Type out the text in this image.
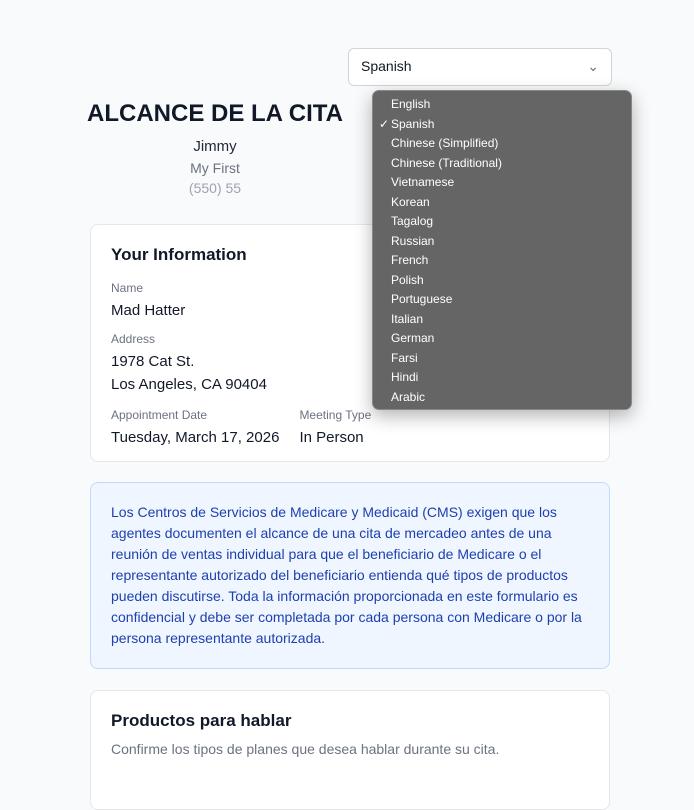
Spanish	⌄
ALCANCE DE LA CITA
Jimmy
My First
(550) 55
Your Information
Name
Mad Hatter
Address
1978 Cat St.
Los Angeles, CA 90404
Appointment Date
Tuesday, March 17, 2026
Meeting Type
In Person
Los Centros de Servicios de Medicare y Medicaid (CMS) exigen que los agentes documenten el alcance de una cita de mercadeo antes de una reunión de ventas individual para que el beneficiario de Medicare o el representante autorizado del beneficiario entienda qué tipos de productos pueden discutirse. Toda la información proporcionada en este formulario es confidencial y debe ser completada por cada persona con Medicare o por la persona representante autorizada.
Productos para hablar
Confirme los tipos de planes que desea hablar durante su cita.
English
✓ Spanish
Chinese (Simplified)
Chinese (Traditional)
Vietnamese
Korean
Tagalog
Russian
French
Polish
Portuguese
Italian
German
Farsi
Hindi
Arabic
